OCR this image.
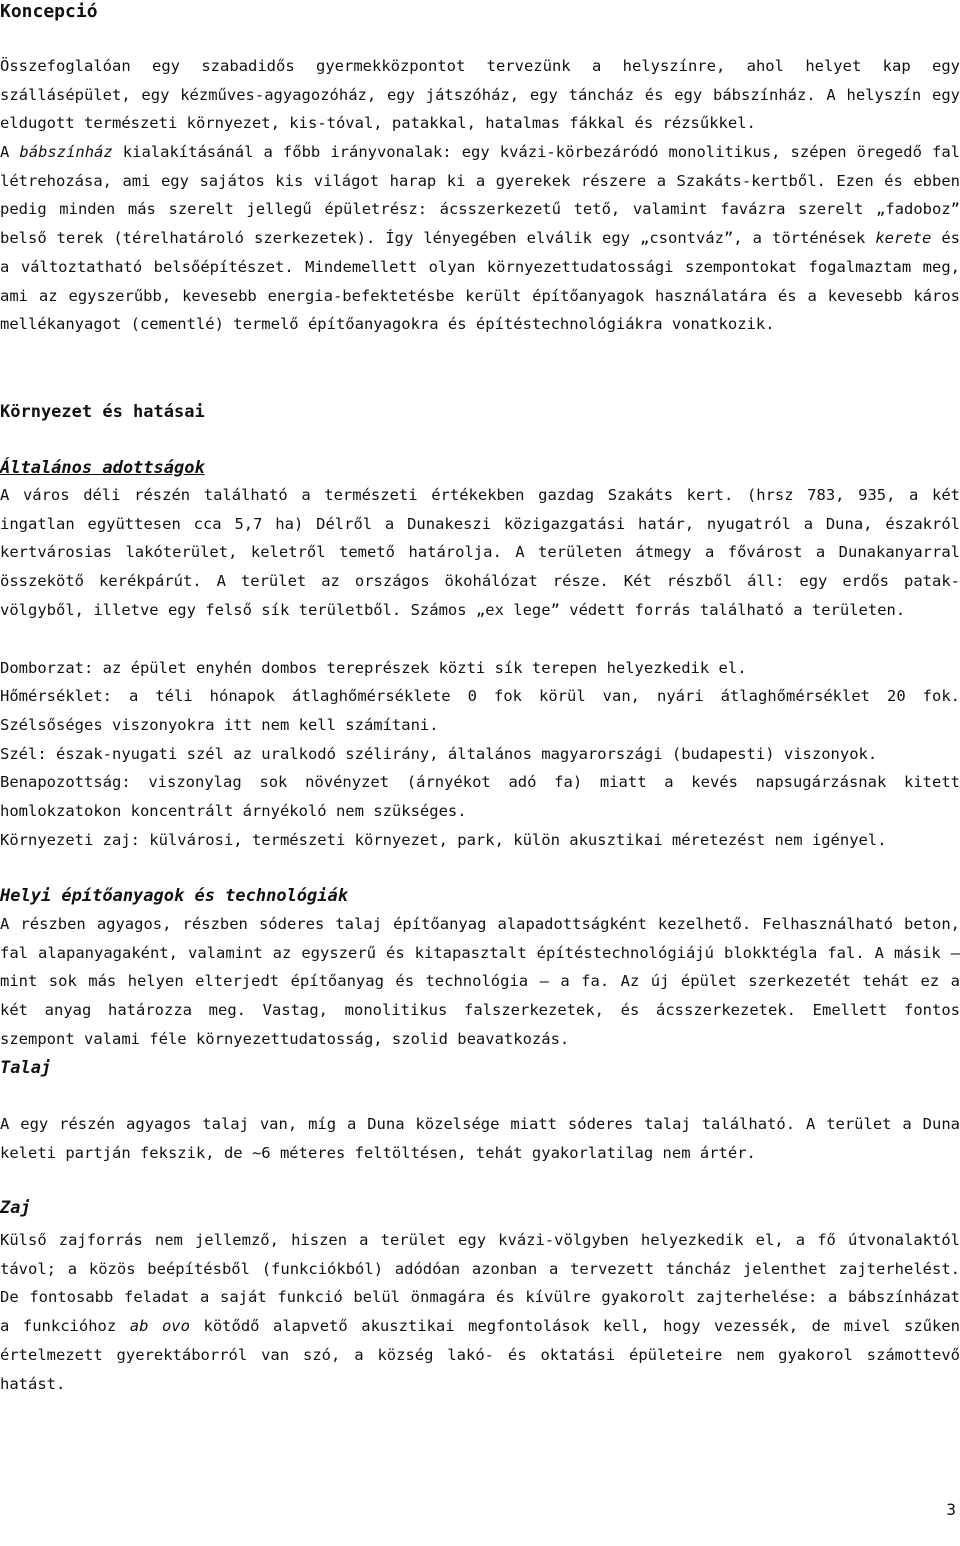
Koncepció

Összefoglalóan egy szabadidős gyermekközpontot tervezünk a helyszínre, ahol helyet kap egy szállásépület, egy kézműves-agyagozóház, egy játszóház, egy táncház és egy bábszínház. A helyszín egy eldugott természeti környezet, kis-tóval, patakkal, hatalmas fákkal és rézsűkkel.

A bábszínház kialakításánál a főbb irányvonalak: egy kvázi-körbezáródó monolitikus, szépen öregedő fal létrehozása, ami egy sajátos kis világot harap ki a gyerekek részere a Szakáts-kertből. Ezen és ebben pedig minden más szerelt jellegű épületrész: ácsszerkezetű tető, valamint favázra szerelt „fadoboz” belső terek (térelhatároló szerkezetek). Így lényegében elválik egy „csontváz”, a történések kerete és a változtatható belsőépítészet. Mindemellett olyan környezettudatossági szempontokat fogalmaztam meg, ami az egyszerűbb, kevesebb energia-befektetésbe került építőanyagok használatára és a kevesebb káros mellékanyagot (cementlé) termelő építőanyagokra és építéstechnológiákra vonatkozik.

Környezet és hatásai
Általános adottságok

A város déli részén található a természeti értékekben gazdag Szakáts kert. (hrsz 783, 935, a két ingatlan együttesen cca 5,7 ha) Délről a Dunakeszi közigazgatási határ, nyugatról a Duna, északról kertvárosias lakóterület, keletről temető határolja. A területen átmegy a fővárost a Dunakanyarral összekötő kerékpárút. A terület az országos ökohálózat része. Két részből áll: egy erdős patak-völgyből, illetve egy felső sík területből. Számos „ex lege” védett forrás található a területen.

Domborzat: az épület enyhén dombos tereprészek közti sík terepen helyezkedik el.

Hőmérséklet: a téli hónapok átlaghőmérséklete 0 fok körül van, nyári átlaghőmérséklet 20 fok. Szélsőséges viszonyokra itt nem kell számítani.

Szél: észak-nyugati szél az uralkodó szélirány, általános magyarországi (budapesti) viszonyok.

Benapozottság: viszonylag sok növényzet (árnyékot adó fa) miatt a kevés napsugárzásnak kitett homlokzatokon koncentrált árnyékoló nem szükséges.

Környezeti zaj: külvárosi, természeti környezet, park, külön akusztikai méretezést nem igényel.

Helyi építőanyagok és technológiák

A részben agyagos, részben sóderes talaj építőanyag alapadottságként kezelhető. Felhasználható beton, fal alapanyagaként, valamint az egyszerű és kitapasztalt építéstechnológiájú blokktégla fal. A másik – mint sok más helyen elterjedt építőanyag és technológia – a fa. Az új épület szerkezetét tehát ez a két anyag határozza meg. Vastag, monolitikus falszerkezetek, és ácsszerkezetek. Emellett fontos szempont valami féle környezettudatosság, szolid beavatkozás.

Talaj

A egy részén agyagos talaj van, míg a Duna közelsége miatt sóderes talaj található. A terület a Duna keleti partján fekszik, de ~6 méteres feltöltésen, tehát gyakorlatilag nem ártér.

Zaj

Külső zajforrás nem jellemző, hiszen a terület egy kvázi-völgyben helyezkedik el, a fő útvonalaktól távol; a közös beépítésből (funkciókból) adódóan azonban a tervezett táncház jelenthet zajterhelést. De fontosabb feladat a saját funkció belül önmagára és kívülre gyakorolt zajterhelése: a bábszínházat a funkcióhoz ab ovo kötődő alapvető akusztikai megfontolások kell, hogy vezessék, de mivel szűken értelmezett gyerektáborról van szó, a község lakó- és oktatási épületeire nem gyakorol számottevő hatást.

3
